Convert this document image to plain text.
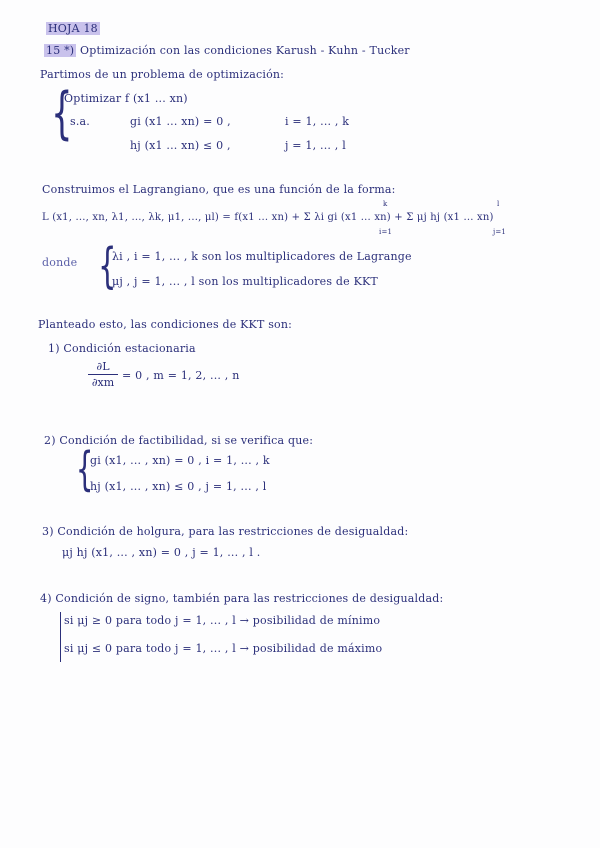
HOJA 18
15 *) Optimización con las condiciones Karush - Kuhn - Tucker
Partimos de un problema de optimización:
{
Optimizar f (x1 ... xn)
s.a.	gi (x1 ... xn) = 0 ,	i = 1, ... , k
hj (x1 ... xn) ≤ 0 ,	j = 1, ... , l
Construimos el Lagrangiano, que es una función de la forma:
L (x1, ..., xn, λ1, ..., λk, μ1, ..., μl) = f(x1 ... xn) + Σ λi gi (x1 ... xn) + Σ μj hj (x1 ... xn)
k
i=1
l
j=1
donde {
λi , i = 1, ... , k son los multiplicadores de Lagrange
μj , j = 1, ... , l son los multiplicadores de KKT
Planteado esto, las condiciones de KKT son:
1) Condición estacionaria
∂L
∂xm
= 0 , m = 1, 2, ... , n
2) Condición de factibilidad, si se verifica que:
{
gi (x1, ... , xn) = 0 , i = 1, ... , k
hj (x1, ... , xn) ≤ 0 , j = 1, ... , l
3) Condición de holgura, para las restricciones de desigualdad:
μj hj (x1, ... , xn) = 0 , j = 1, ... , l .
4) Condición de signo, también para las restricciones de desigualdad:
si μj ≥ 0 para todo j = 1, ... , l → posibilidad de mínimo
si μj ≤ 0 para todo j = 1, ... , l → posibilidad de máximo
